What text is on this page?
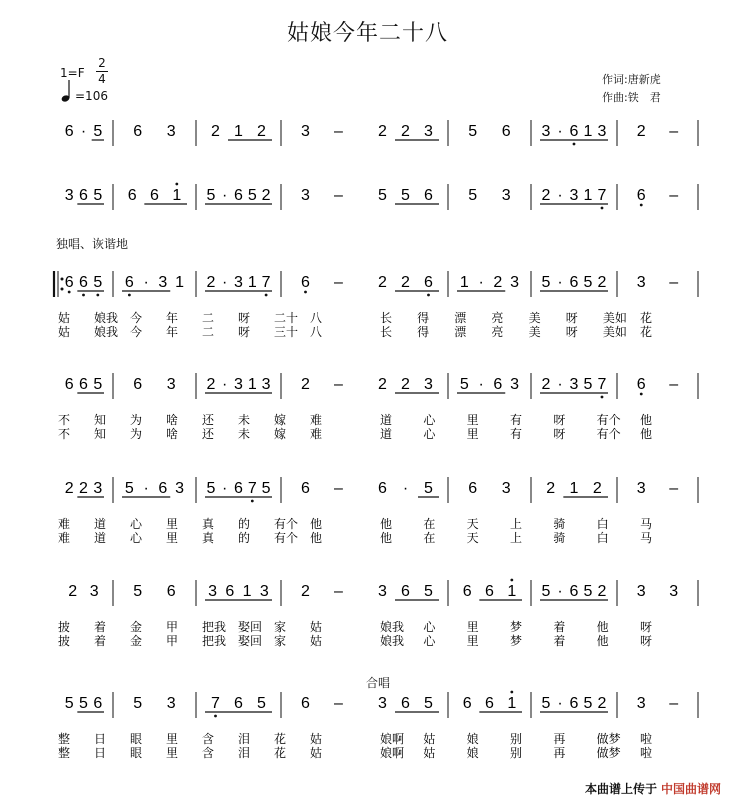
姑娘今年二十八
1=F
2
4
=106
作词:唐新虎
作曲:铁　君
独唱、诙谐地
合唱
本曲谱上传于 中国曲谱网
6 · 5 6 3 2 1 2 3 – 2 2 3 5 6 3 · 6 1 3 2 –
3 6 5 6 6 1 5 · 6 5 2 3 – 5 5 6 5 3 2 · 3 1 7 6 –
6 6 5 6 · 3 1 2 · 3 1 7 6 – 2 2 6 1 · 2 3 5 · 6 5 2 3 –
姑 娘我 今 年 二 呀 二十 八	长 得 漂 亮 美 呀 美如 花
姑 娘我 今 年 二 呀 三十 八	长 得 漂 亮 美 呀 美如 花
6 6 5 6 3 2 · 3 1 3 2 – 2 2 3 5 · 6 3 2 · 3 5 7 6 –
不 知 为 啥 还 未 嫁 难	道	心	里	有	呀	有个 他
不 知 为 啥 还 未 嫁 难	道	心	里	有	呀	有个 他
2 2 3 5 · 6 3 5 · 6 7 5 6 – 6 · 5 6 3 2 1 2 3 –
难 道 心 里 真 的 有个 他	他	在	天	上	骑	白	马
难 道 心 里 真 的 有个 他	他	在	天	上	骑	白	马
2 3 5 6 3 6 1 3 2 – 3 6 5 6 6 1 5 · 6 5 2 3 3
披 着 金 甲 把我 娶回 家 姑	娘我 心	里	梦	着	他	呀
披 着 金 甲 把我 娶回 家 姑	娘我 心	里	梦	着	他	呀
5 5 6 5 3 7 6 5 6 – 3 6 5 6 6 1 5 · 6 5 2 3 –
整 日 眼 里 含 泪 花 姑	娘啊 姑	娘	别	再	做梦 啦
整 日 眼 里 含 泪 花 姑	娘啊 姑	娘	别	再	做梦 啦
